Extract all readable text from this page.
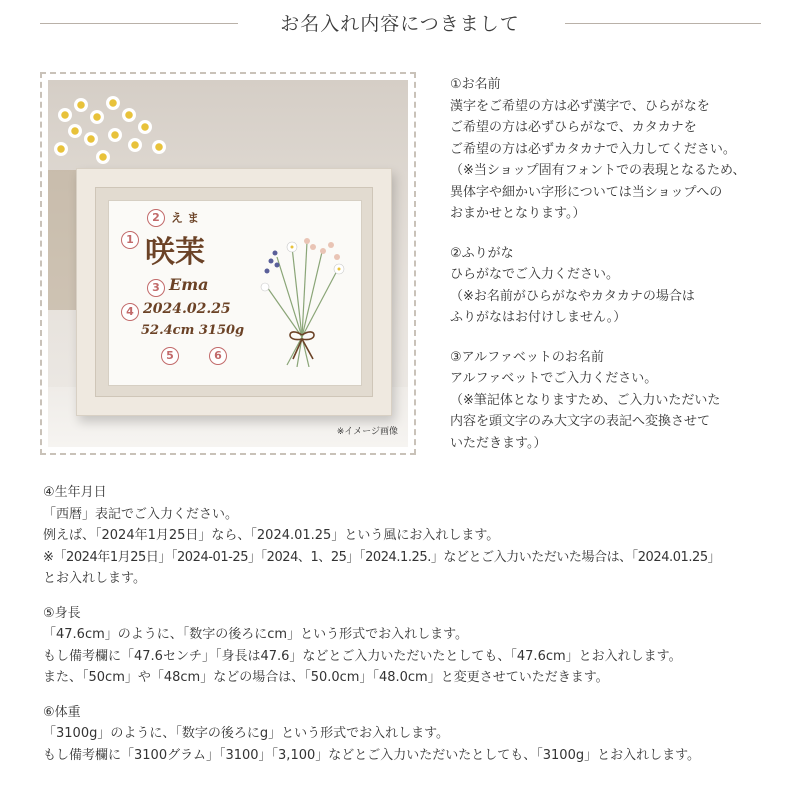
お名入れ内容につきまして
2 え ま
1 咲茉
3 Ema
4 2024.02.25
52.4cm 3150g
5	6
※イメージ画像

①お名前
漢字をご希望の方は必ず漢字で、ひらがなを
ご希望の方は必ずひらがなで、カタカナを
ご希望の方は必ずカタカナで入力してください。
（※当ショップ固有フォントでの表現となるため、
異体字や細かい字形については当ショップへの
おまかせとなります。）

②ふりがな
ひらがなでご入力ください。
（※お名前がひらがなやカタカナの場合は
ふりがなはお付けしません。）

③アルファベットのお名前
アルファベットでご入力ください。
（※筆記体となりますため、ご入力いただいた
内容を頭文字のみ大文字の表記へ変換させて
いただきます。）

④生年月日
「西暦」表記でご入力ください。
例えば、「2024年1月25日」なら、「2024.01.25」という風にお入れします。
※「2024年1月25日」「2024-01-25」「2024、1、25」「2024.1.25.」などとご入力いただいた場合は、「2024.01.25」
とお入れします。

⑤身長
「47.6cm」のように、「数字の後ろにcm」という形式でお入れします。
もし備考欄に「47.6センチ」「身長は47.6」などとご入力いただいたとしても、「47.6cm」とお入れします。
また、「50cm」や「48cm」などの場合は、「50.0cm」「48.0cm」と変更させていただきます。

⑥体重
「3100g」のように、「数字の後ろにg」という形式でお入れします。
もし備考欄に「3100グラム」「3100」「3,100」などとご入力いただいたとしても、「3100g」とお入れします。
